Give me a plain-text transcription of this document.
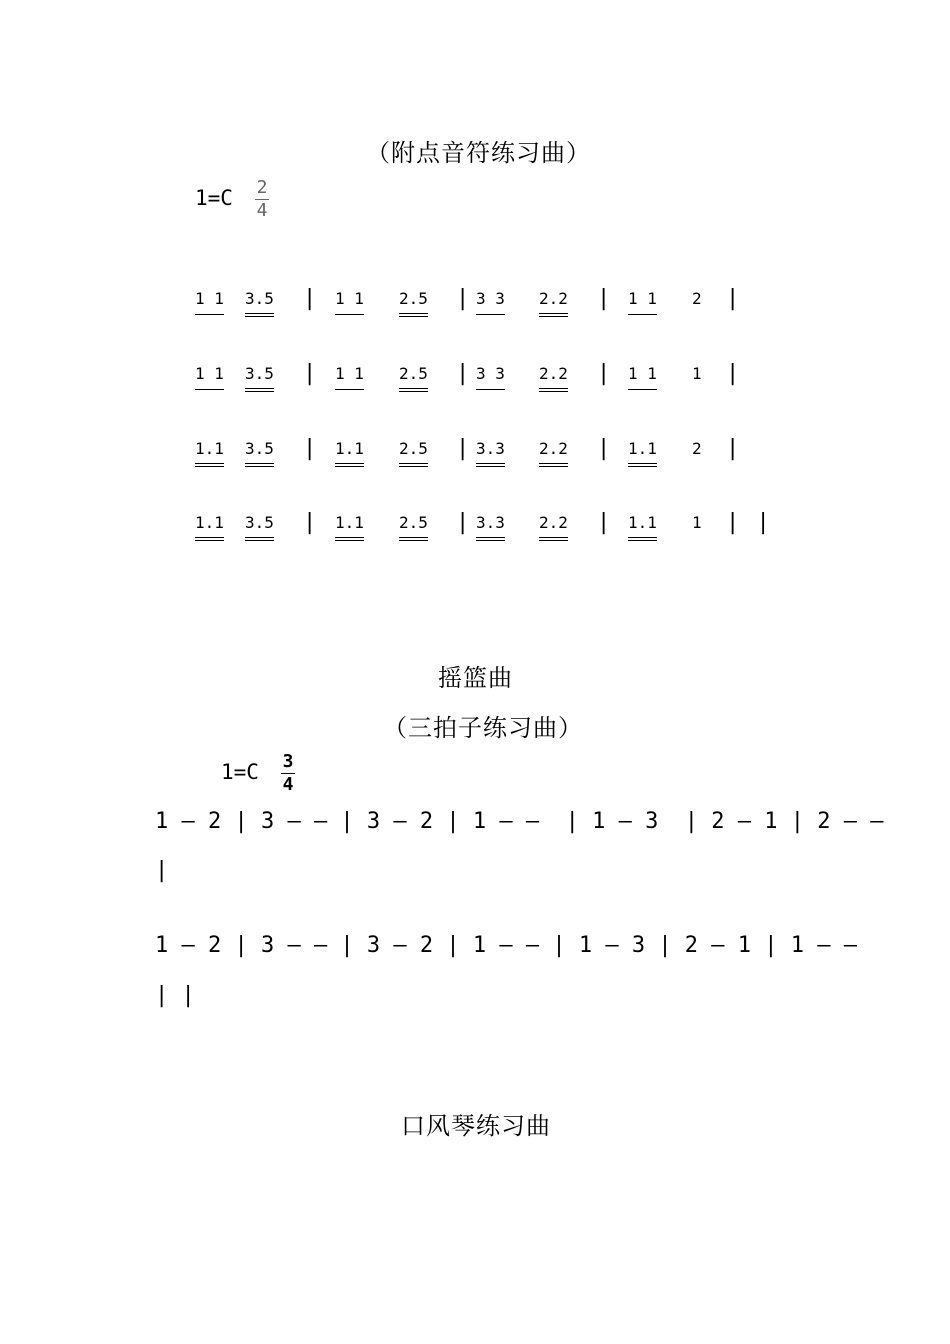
（附点音符练习曲）
1=C 2
4
1 1 3.5 | 1 1 2.5 | 3 3 2.2 | 1 1 2 |
1 1 3.5 | 1 1 2.5 | 3 3 2.2 | 1 1 1 |
1.1 3.5 | 1.1 2.5 | 3.3 2.2 | 1.1 2 |
1.1 3.5 | 1.1 2.5 | 3.3 2.2 | 1.1 1 | |
摇篮曲
（三拍子练习曲）
1=C 3
4
1 – 2 | 3 – – | 3 – 2 | 1 – –  | 1 – 3  | 2 – 1 | 2 – –
|
1 – 2 | 3 – – | 3 – 2 | 1 – – | 1 – 3 | 2 – 1 | 1 – –
| |
口风琴练习曲
